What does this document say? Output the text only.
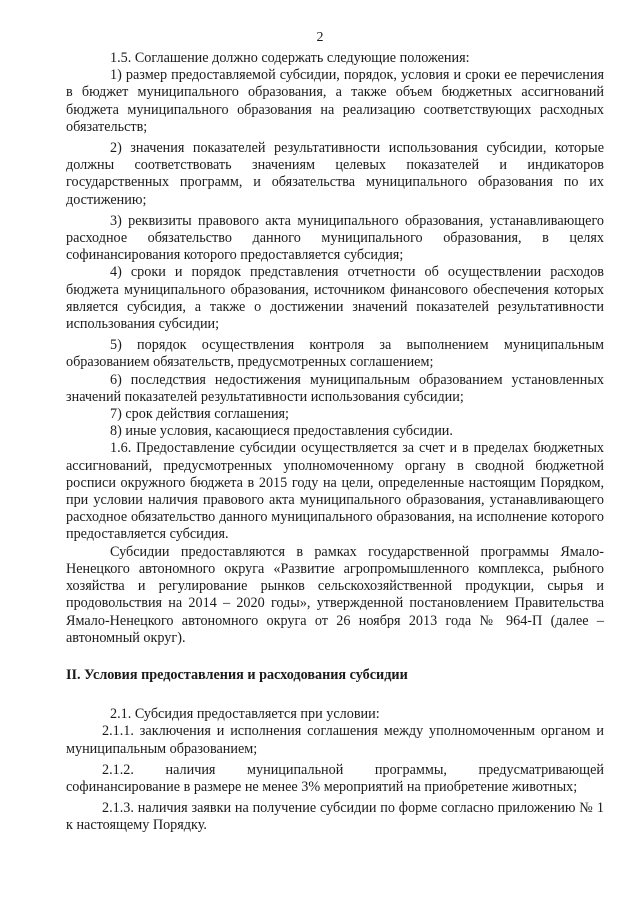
2

1.5. Соглашение должно содержать следующие положения:

1) размер предоставляемой субсидии, порядок, условия и сроки ее перечисления в бюджет муниципального образования, а также объем бюджетных ассигнований бюджета муниципального образования на реализацию соответствующих расходных обязательств;

2) значения показателей результативности использования субсидии, которые должны соответствовать значениям целевых показателей и индикаторов государственных программ, и обязательства муниципального образования по их достижению;

3) реквизиты правового акта муниципального образования, устанавливающего расходное обязательство данного муниципального образования, в целях софинансирования которого предоставляется субсидия;

4) сроки и порядок представления отчетности об осуществлении расходов бюджета муниципального образования, источником финансового обеспечения которых является субсидия, а также о достижении значений показателей результативности использования субсидии;

5) порядок осуществления контроля за выполнением муниципальным образованием обязательств, предусмотренных соглашением;

6) последствия недостижения муниципальным образованием установленных значений показателей результативности использования субсидии;

7) срок действия соглашения;

8) иные условия, касающиеся предоставления субсидии.

1.6. Предоставление субсидии осуществляется за счет и в пределах бюджетных ассигнований, предусмотренных уполномоченному органу в сводной бюджетной росписи окружного бюджета в 2015 году на цели, определенные настоящим Порядком, при условии наличия правового акта муниципального образования, устанавливающего расходное обязательство данного муниципального образования, на исполнение которого предоставляется субсидия.

Субсидии предоставляются в рамках государственной программы Ямало-Ненецкого автономного округа «Развитие агропромышленного комплекса, рыбного хозяйства и регулирование рынков сельскохозяйственной продукции, сырья и продовольствия на 2014 – 2020 годы», утвержденной постановлением Правительства Ямало-Ненецкого автономного округа от 26 ноября 2013 года № 964-П (далее – автономный округ).

II. Условия предоставления и расходования субсидии

2.1. Субсидия предоставляется при условии:

2.1.1. заключения и исполнения соглашения между уполномоченным органом и муниципальным образованием;

2.1.2. наличия муниципальной программы, предусматривающей софинансирование в размере не менее 3% мероприятий на приобретение животных;

2.1.3. наличия заявки на получение субсидии по форме согласно приложению № 1 к настоящему Порядку.
